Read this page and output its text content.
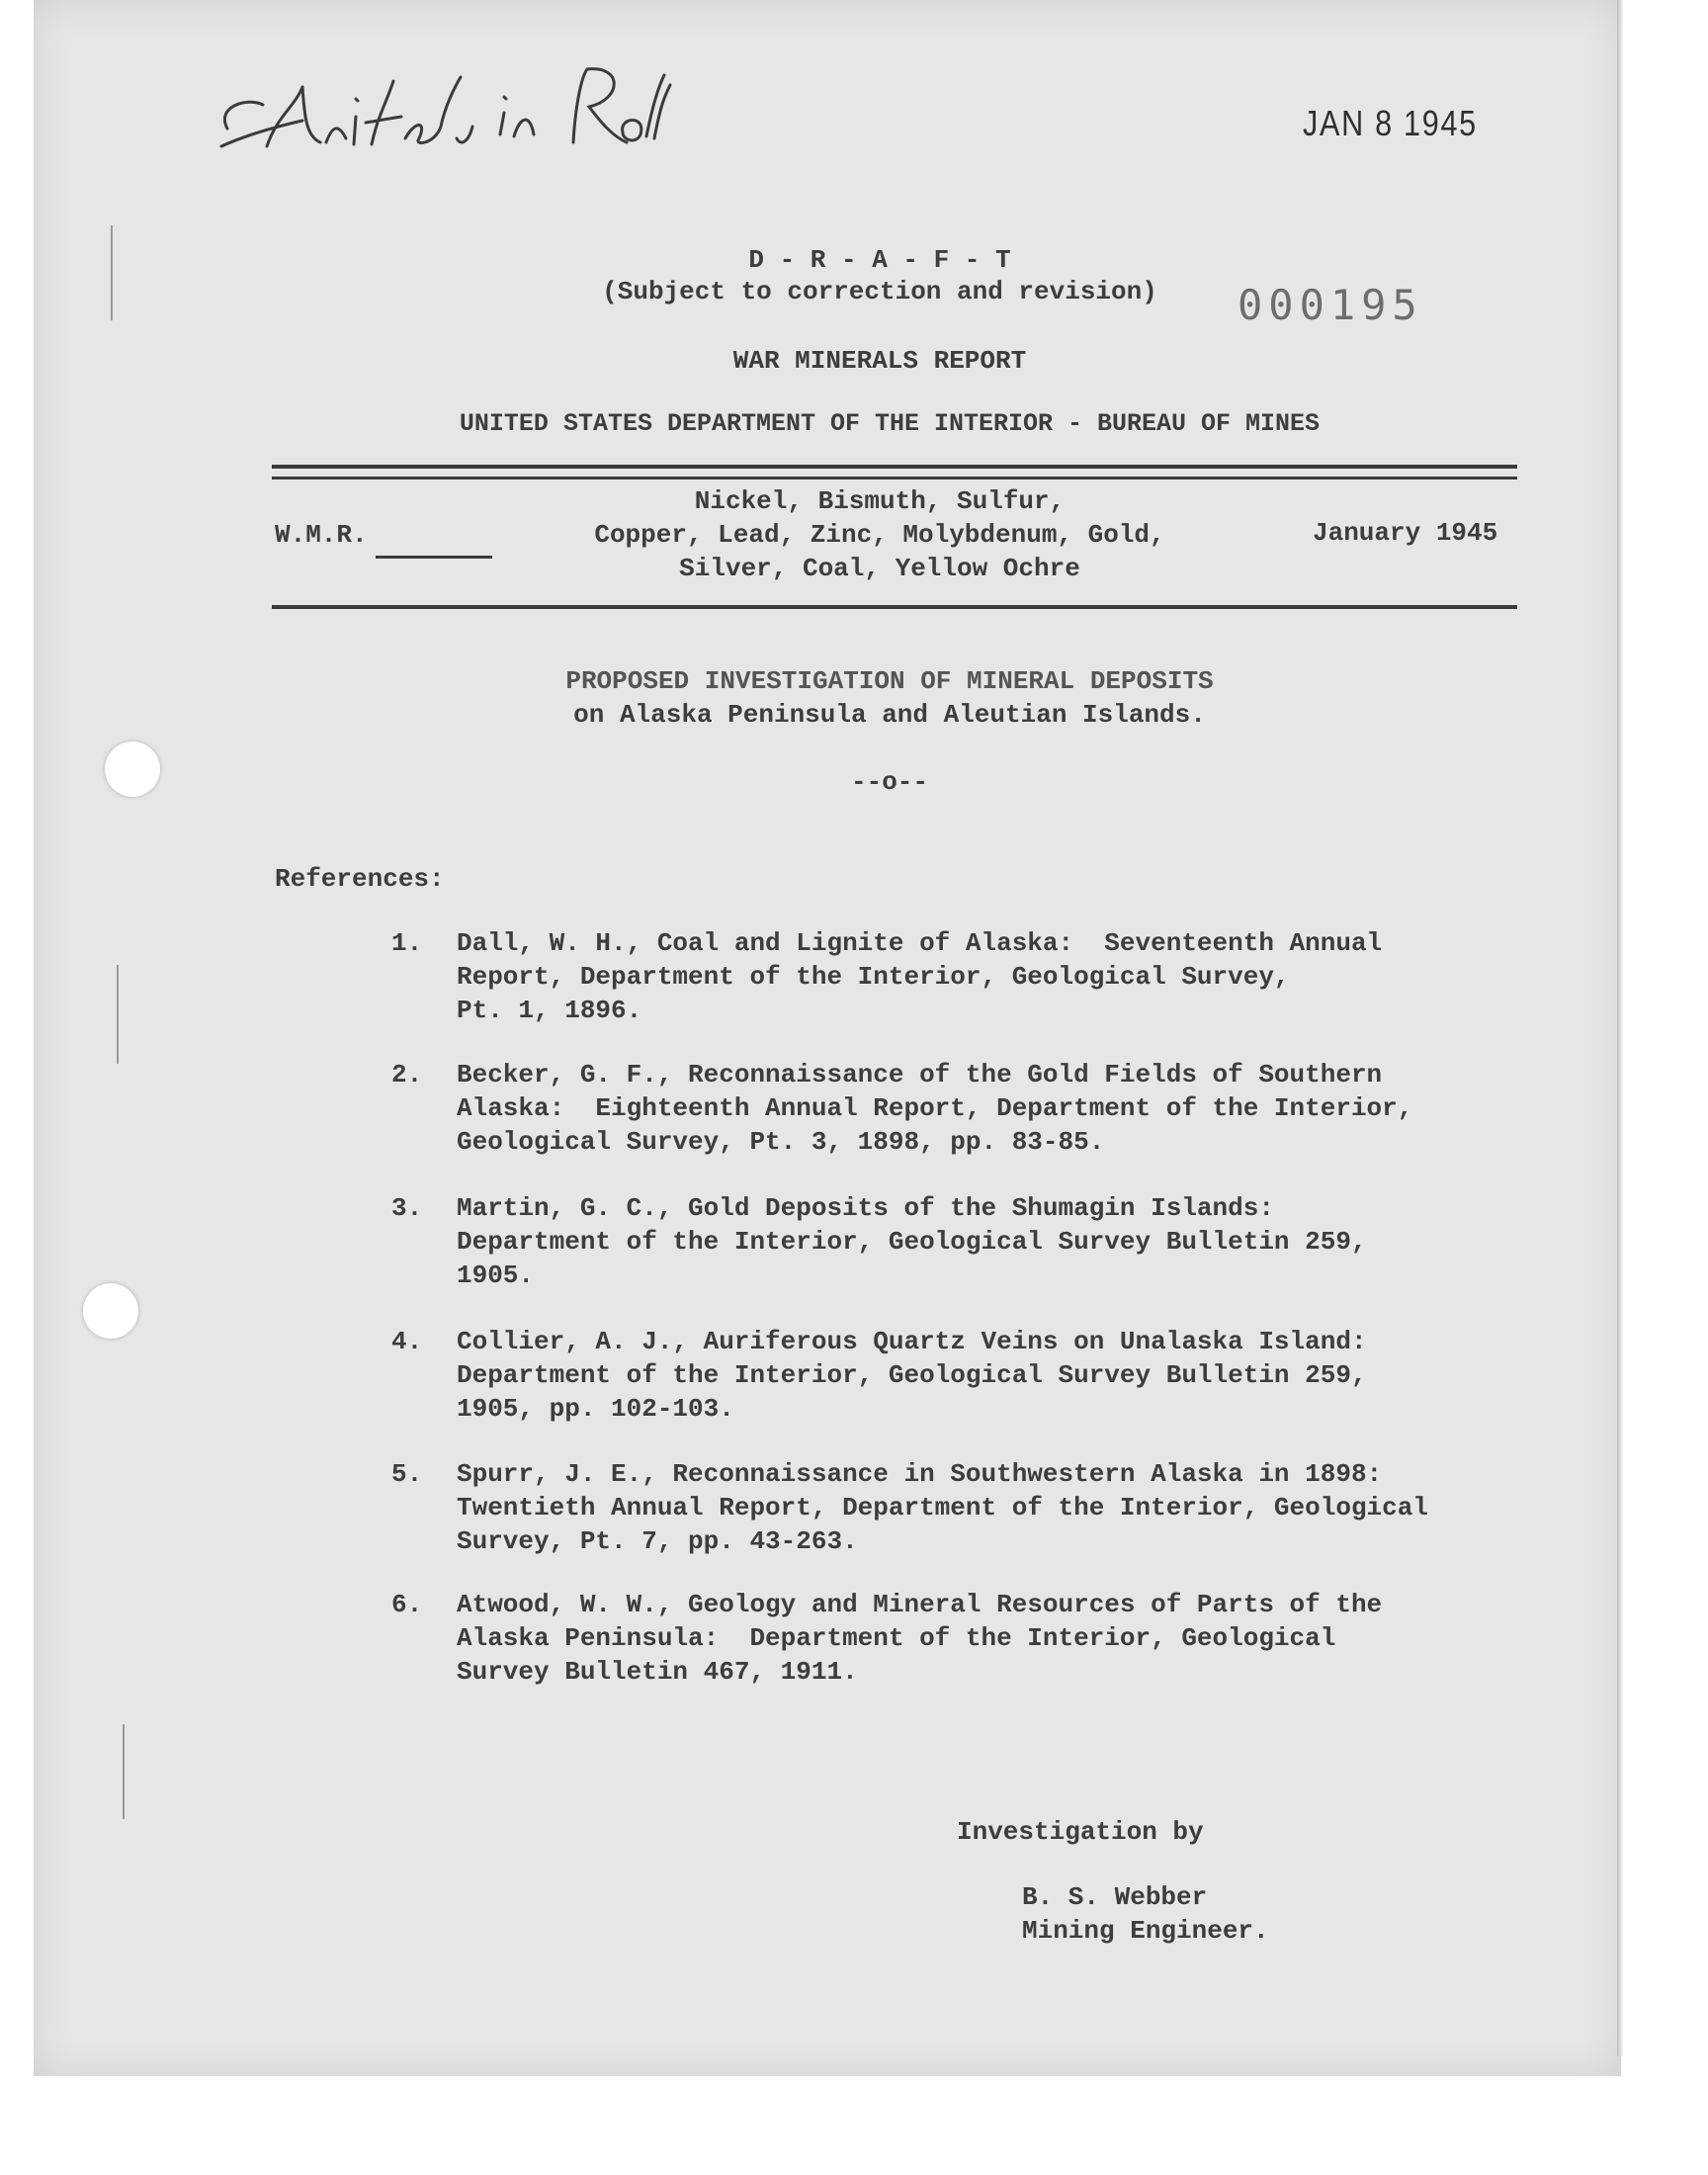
Edited in Rolla
JAN 8 1945
000195
D - R - A - F - T
(Subject to correction and revision)
WAR MINERALS REPORT
UNITED STATES DEPARTMENT OF THE INTERIOR - BUREAU OF MINES
W.M.R.
Nickel, Bismuth, Sulfur,
Copper, Lead, Zinc, Molybdenum, Gold,
Silver, Coal, Yellow Ochre
January 1945
PROPOSED INVESTIGATION OF MINERAL DEPOSITS
on Alaska Peninsula and Aleutian Islands.
--o--
References:
1. Dall, W. H., Coal and Lignite of Alaska:  Seventeenth Annual
Report, Department of the Interior, Geological Survey,
Pt. 1, 1896.
2. Becker, G. F., Reconnaissance of the Gold Fields of Southern
Alaska:  Eighteenth Annual Report, Department of the Interior,
Geological Survey, Pt. 3, 1898, pp. 83-85.
3. Martin, G. C., Gold Deposits of the Shumagin Islands:
Department of the Interior, Geological Survey Bulletin 259,
1905.
4. Collier, A. J., Auriferous Quartz Veins on Unalaska Island:
Department of the Interior, Geological Survey Bulletin 259,
1905, pp. 102-103.
5. Spurr, J. E., Reconnaissance in Southwestern Alaska in 1898:
Twentieth Annual Report, Department of the Interior, Geological
Survey, Pt. 7, pp. 43-263.
6. Atwood, W. W., Geology and Mineral Resources of Parts of the
Alaska Peninsula:  Department of the Interior, Geological
Survey Bulletin 467, 1911.
Investigation by
B. S. Webber
Mining Engineer.
